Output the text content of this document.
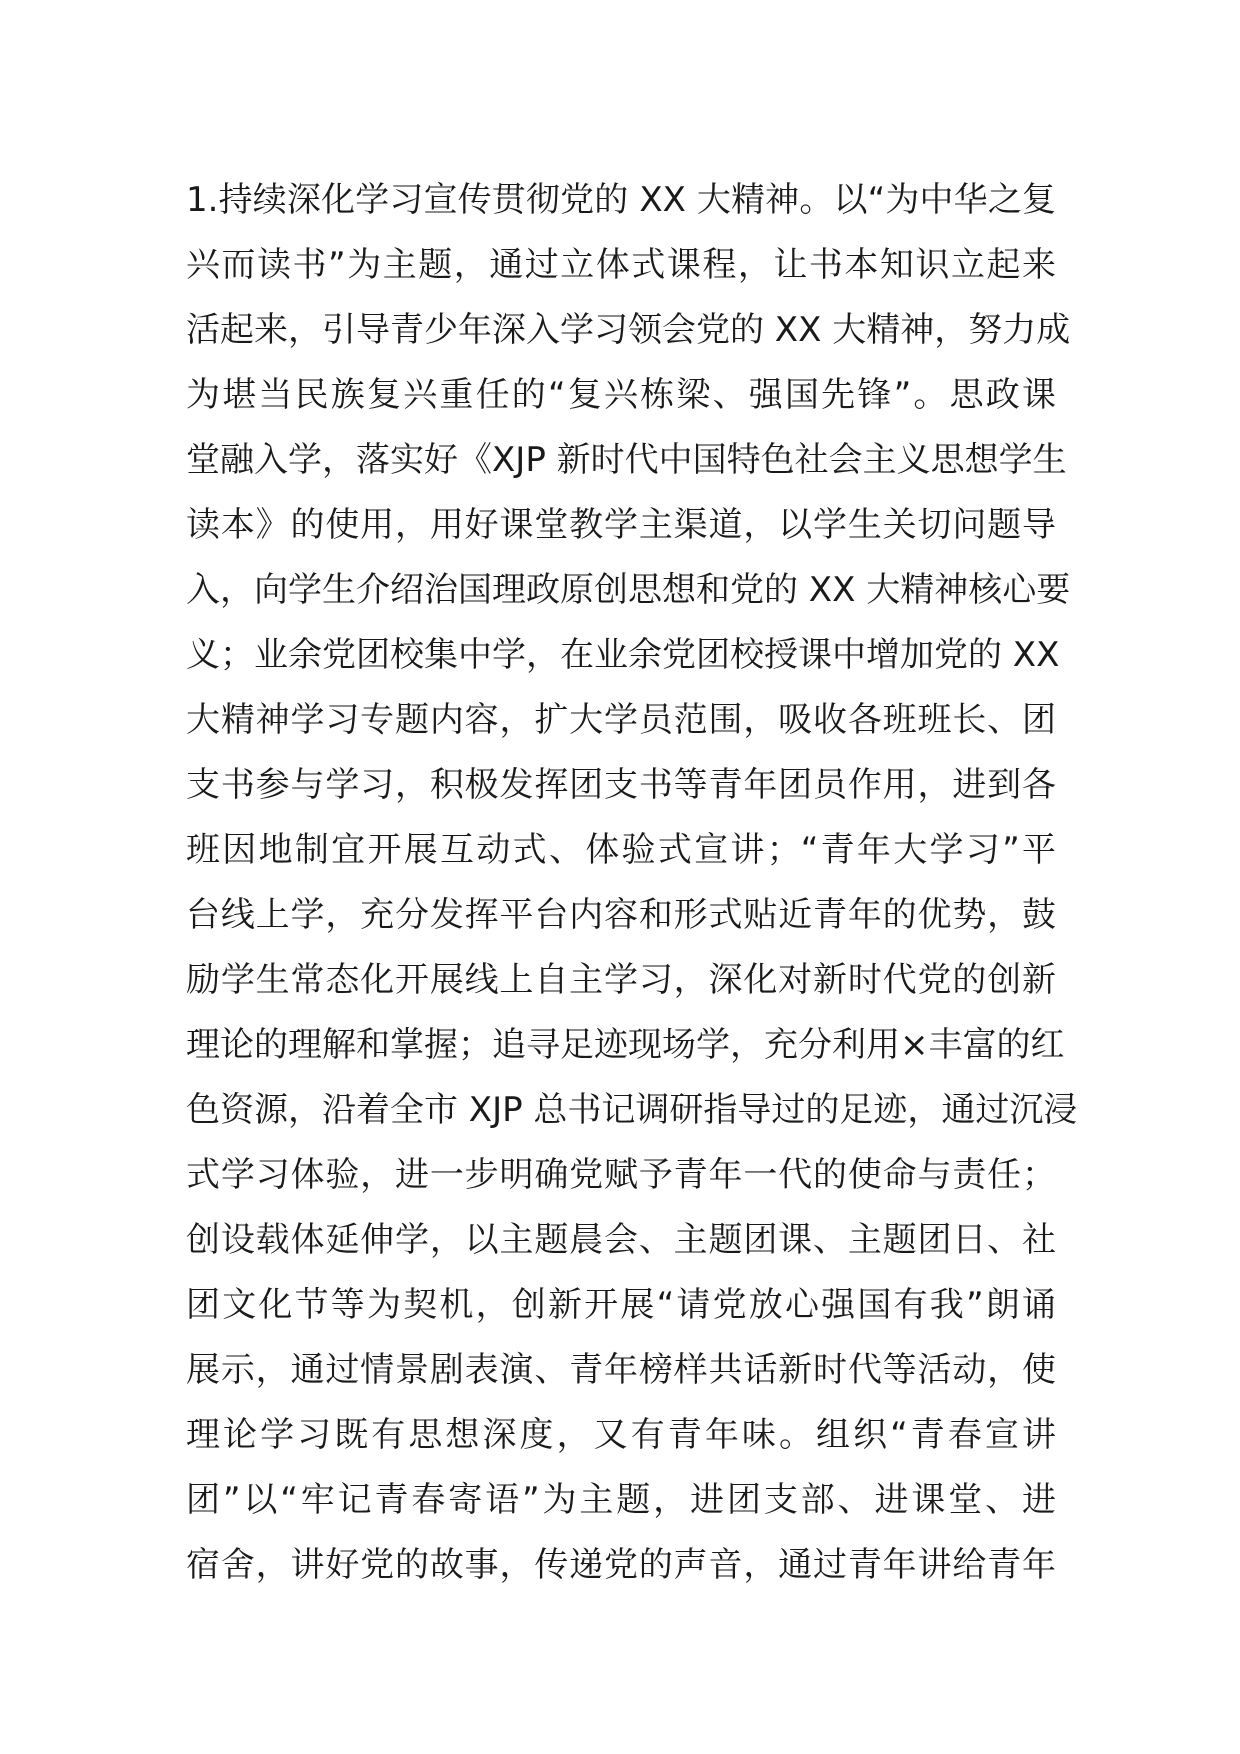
1.持续深化学习宣传贯彻党的 XX 大精神。以“为中华之复
兴而读书”为主题，通过立体式课程，让书本知识立起来
活起来，引导青少年深入学习领会党的 XX 大精神，努力成
为堪当民族复兴重任的“复兴栋梁、强国先锋”。思政课
堂融入学，落实好《XJP 新时代中国特色社会主义思想学生
读本》的使用，用好课堂教学主渠道，以学生关切问题导
入，向学生介绍治国理政原创思想和党的 XX 大精神核心要
义；业余党团校集中学，在业余党团校授课中增加党的 XX
大精神学习专题内容，扩大学员范围，吸收各班班长、团
支书参与学习，积极发挥团支书等青年团员作用，进到各
班因地制宜开展互动式、体验式宣讲；“青年大学习”平
台线上学，充分发挥平台内容和形式贴近青年的优势，鼓
励学生常态化开展线上自主学习，深化对新时代党的创新
理论的理解和掌握；追寻足迹现场学，充分利用×丰富的红
色资源，沿着全市 XJP 总书记调研指导过的足迹，通过沉浸
式学习体验，进一步明确党赋予青年一代的使命与责任；
创设载体延伸学，以主题晨会、主题团课、主题团日、社
团文化节等为契机，创新开展“请党放心强国有我”朗诵
展示，通过情景剧表演、青年榜样共话新时代等活动，使
理论学习既有思想深度，又有青年味。组织“青春宣讲
团”以“牢记青春寄语”为主题，进团支部、进课堂、进
宿舍，讲好党的故事，传递党的声音，通过青年讲给青年
